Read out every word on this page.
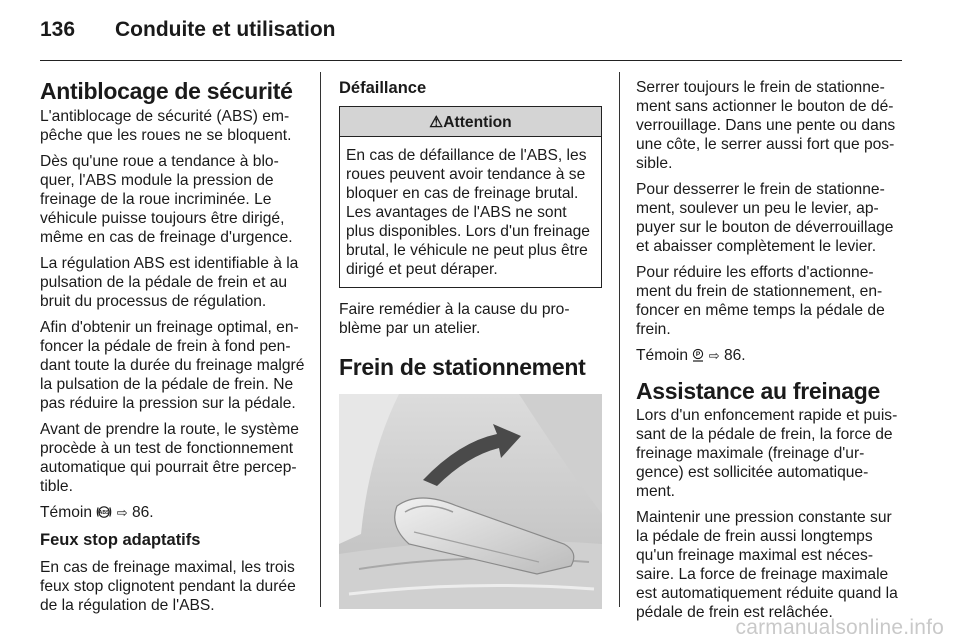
136 Conduite et utilisation
Antiblocage de sécurité

L'antiblocage de sécurité (ABS) empêche que les roues ne se bloquent.

Dès qu'une roue a tendance à bloquer, l'ABS module la pression de freinage de la roue incriminée. Le véhicule puisse toujours être dirigé, même en cas de freinage d'urgence.

La régulation ABS est identifiable à la pulsation de la pédale de frein et au bruit du processus de régulation.

Afin d'obtenir un freinage optimal, enfoncer la pédale de frein à fond pendant toute la durée du freinage malgré la pulsation de la pédale de frein. Ne pas réduire la pression sur la pédale.

Avant de prendre la route, le système procède à un test de fonctionnement automatique qui pourrait être perceptible.

Témoin ABS ⇨ 86.

Feux stop adaptatifs

En cas de freinage maximal, les trois feux stop clignotent pendant la durée de la régulation de l'ABS.

Défaillance
⚠Attention
En cas de défaillance de l'ABS, les roues peuvent avoir tendance à se bloquer en cas de freinage brutal. Les avantages de l'ABS ne sont plus disponibles. Lors d'un freinage brutal, le véhicule ne peut plus être dirigé et peut déraper.

Faire remédier à la cause du problème par un atelier.

Frein de stationnement

Serrer toujours le frein de stationnement sans actionner le bouton de déverrouillage. Dans une pente ou dans une côte, le serrer aussi fort que possible.

Pour desserrer le frein de stationnement, soulever un peu le levier, appuyer sur le bouton de déverrouillage et abaisser complètement le levier.

Pour réduire les efforts d'actionnement du frein de stationnement, enfoncer en même temps la pédale de frein.

Témoin P ⇨ 86.

Assistance au freinage

Lors d'un enfoncement rapide et puissant de la pédale de frein, la force de freinage maximale (freinage d'urgence) est sollicitée automatiquement.

Maintenir une pression constante sur la pédale de frein aussi longtemps qu'un freinage maximal est nécessaire. La force de freinage maximale est automatiquement réduite quand la pédale de frein est relâchée.

carmanualsonline.info
